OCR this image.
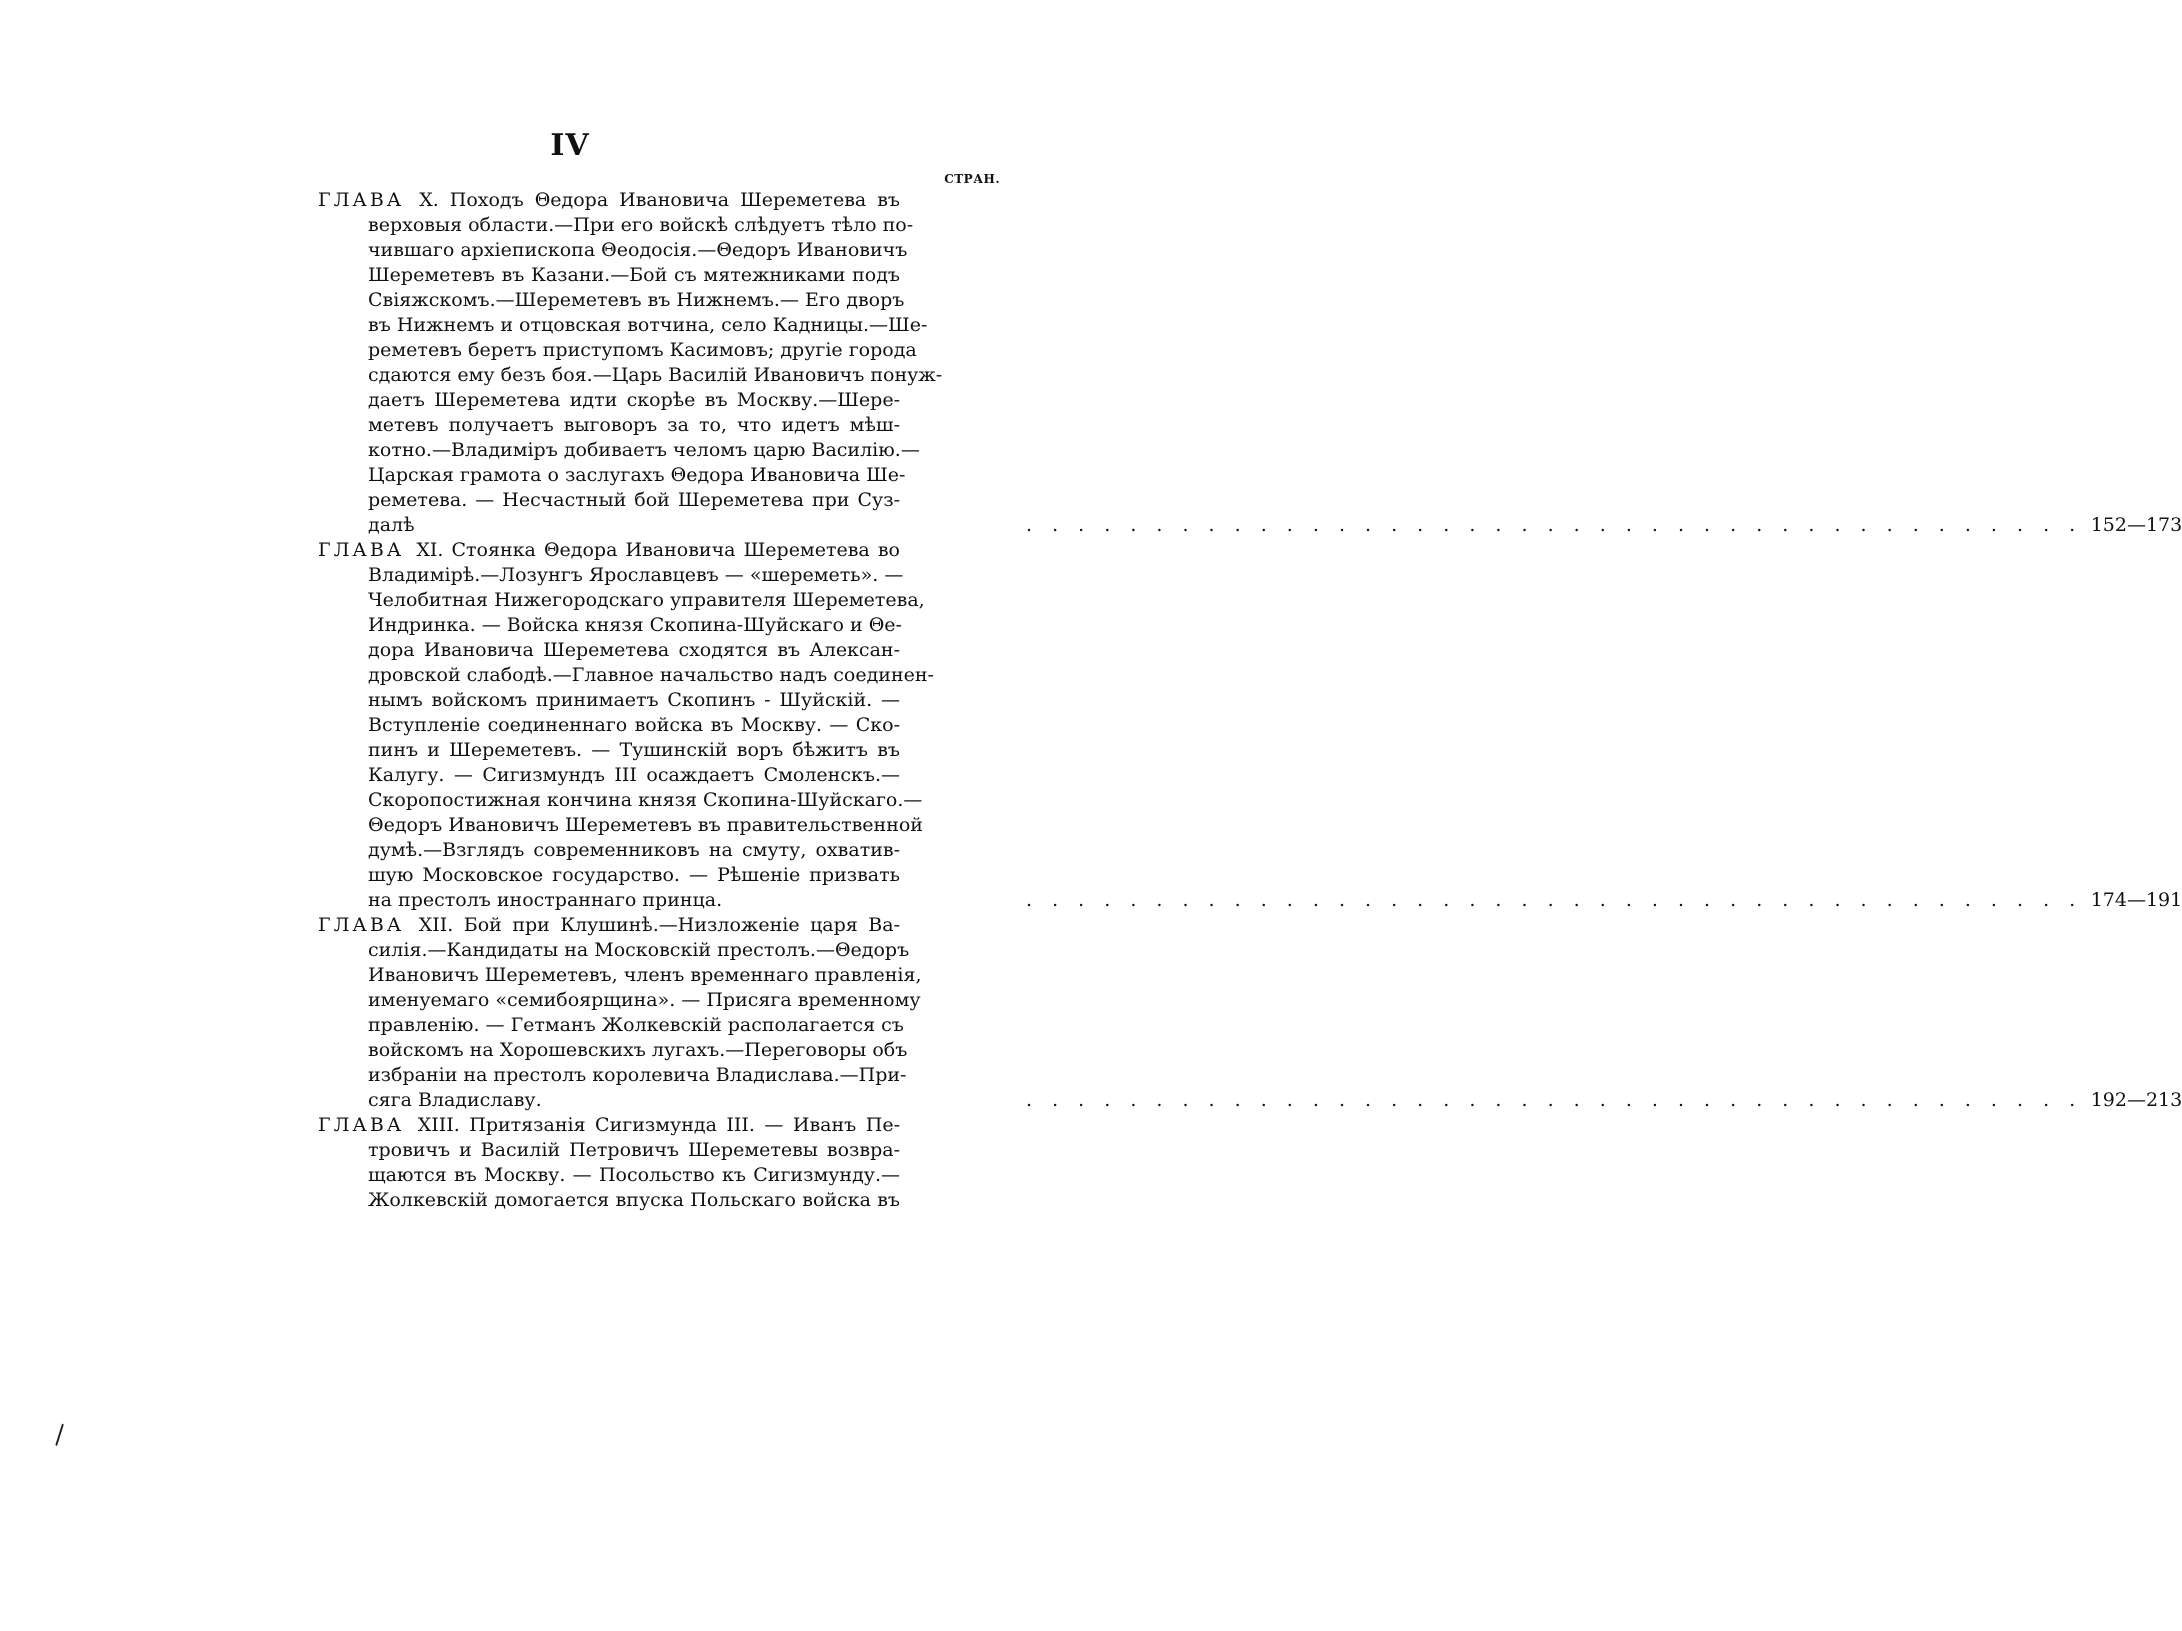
IV
СТРАН.
ГЛАВА Х. Походъ Θедора Ивановича Шереметева въ
верховыя области.—При его войскѣ слѣдуетъ тѣло по-
чившаго архіепископа Θеодосія.—Θедоръ Ивановичъ
Шереметевъ въ Казани.—Бой съ мятежниками подъ
Свіяжскомъ.—Шереметевъ въ Нижнемъ.— Его дворъ
въ Нижнемъ и отцовская вотчина, село Кадницы.—Ше-
реметевъ беретъ приступомъ Касимовъ; другіе города
сдаются ему безъ боя.—Царь Василій Ивановичъ понуж-
даетъ Шереметева идти скорѣе въ Москву.—Шере-
метевъ получаетъ выговоръ за то, что идетъ мѣш-
котно.—Владиміръ добиваетъ челомъ царю Василію.—
Царская грамота о заслугахъ Θедора Ивановича Ше-
реметева. — Несчастный бой Шереметева при Суз-
далѣ	. . . . . . . . . . . . . . . . . . . . . . . . . . . . . . . . . . . . . . . . . 152—173
ГЛАВА XI. Стоянка Θедора Ивановича Шереметева во
Владимірѣ.—Лозунгъ Ярославцевъ — «шереметь». —
Челобитная Нижегородскаго управителя Шереметева,
Индринка. — Войска князя Скопина-Шуйскаго и Θе-
дора Ивановича Шереметева сходятся въ Алексан-
дровской слабодѣ.—Главное начальство надъ соединен-
нымъ войскомъ принимаетъ Скопинъ - Шуйскій. —
Вступленіе соединеннаго войска въ Москву. — Ско-
пинъ и Шереметевъ. — Тушинскій воръ бѣжитъ въ
Калугу. — Сигизмундъ III осаждаетъ Смоленскъ.—
Скоропостижная кончина князя Скопина-Шуйскаго.—
Θедоръ Ивановичъ Шереметевъ въ правительственной
думѣ.—Взглядъ современниковъ на смуту, охватив-
шую Московское государство. — Рѣшеніе призвать
на престолъ иностраннаго принца.	. . . . . . . . . . . . . . . . . . . . . . . . . . . . . . . . . . . . . . . . . 174—191
ГЛАВА XII. Бой при Клушинѣ.—Низложеніе царя Ва-
силія.—Кандидаты на Московскій престолъ.—Θедоръ
Ивановичъ Шереметевъ, членъ временнаго правленія,
именуемаго «семибоярщина». — Присяга временному
правленію. — Гетманъ Жолкевскій располагается съ
войскомъ на Хорошевскихъ лугахъ.—Переговоры объ
избраніи на престолъ королевича Владислава.—При-
сяга Владиславу.	. . . . . . . . . . . . . . . . . . . . . . . . . . . . . . . . . . . . . . . . . 192—213
ГЛАВА XIII. Притязанія Сигизмунда III. — Иванъ Пе-
тровичъ и Василій Петровичъ Шереметевы возвра-
щаются въ Москву. — Посольство къ Сигизмунду.—
Жолкевскій домогается впуска Польскаго войска въ
\
